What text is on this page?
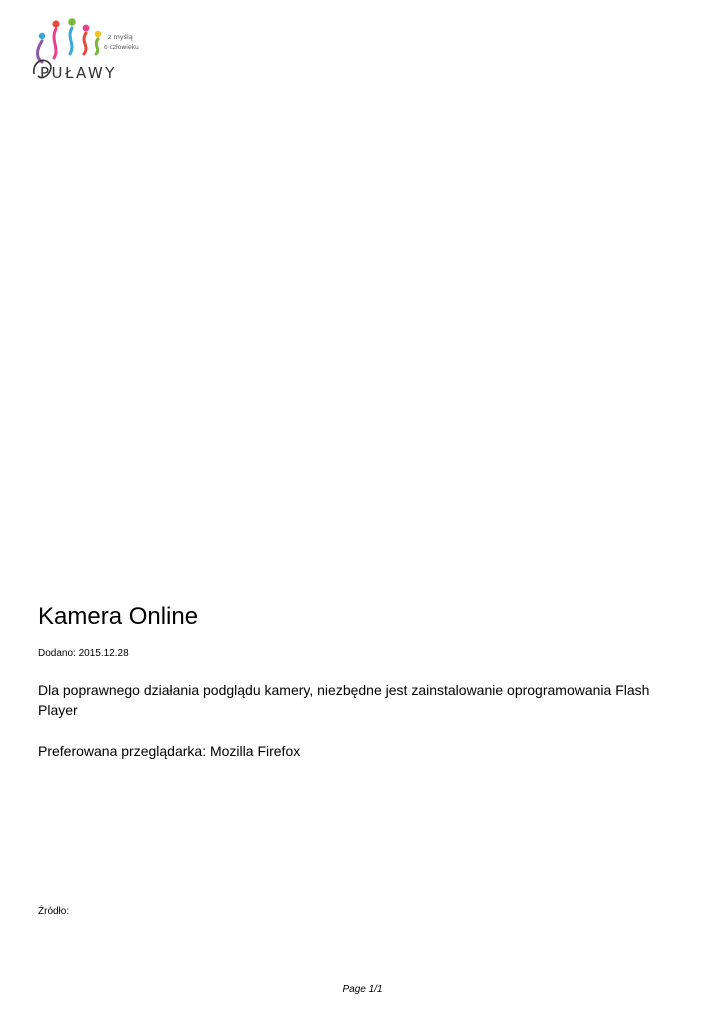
z myślą
o człowieku
PUŁAWY
Kamera Online
Dodano: 2015.12.28

Dla poprawnego działania podglądu kamery, niezbędne jest zainstalowanie oprogramowania Flash Player

Preferowana przeglądarka: Mozilla Firefox

Źródło:
Page 1/1
